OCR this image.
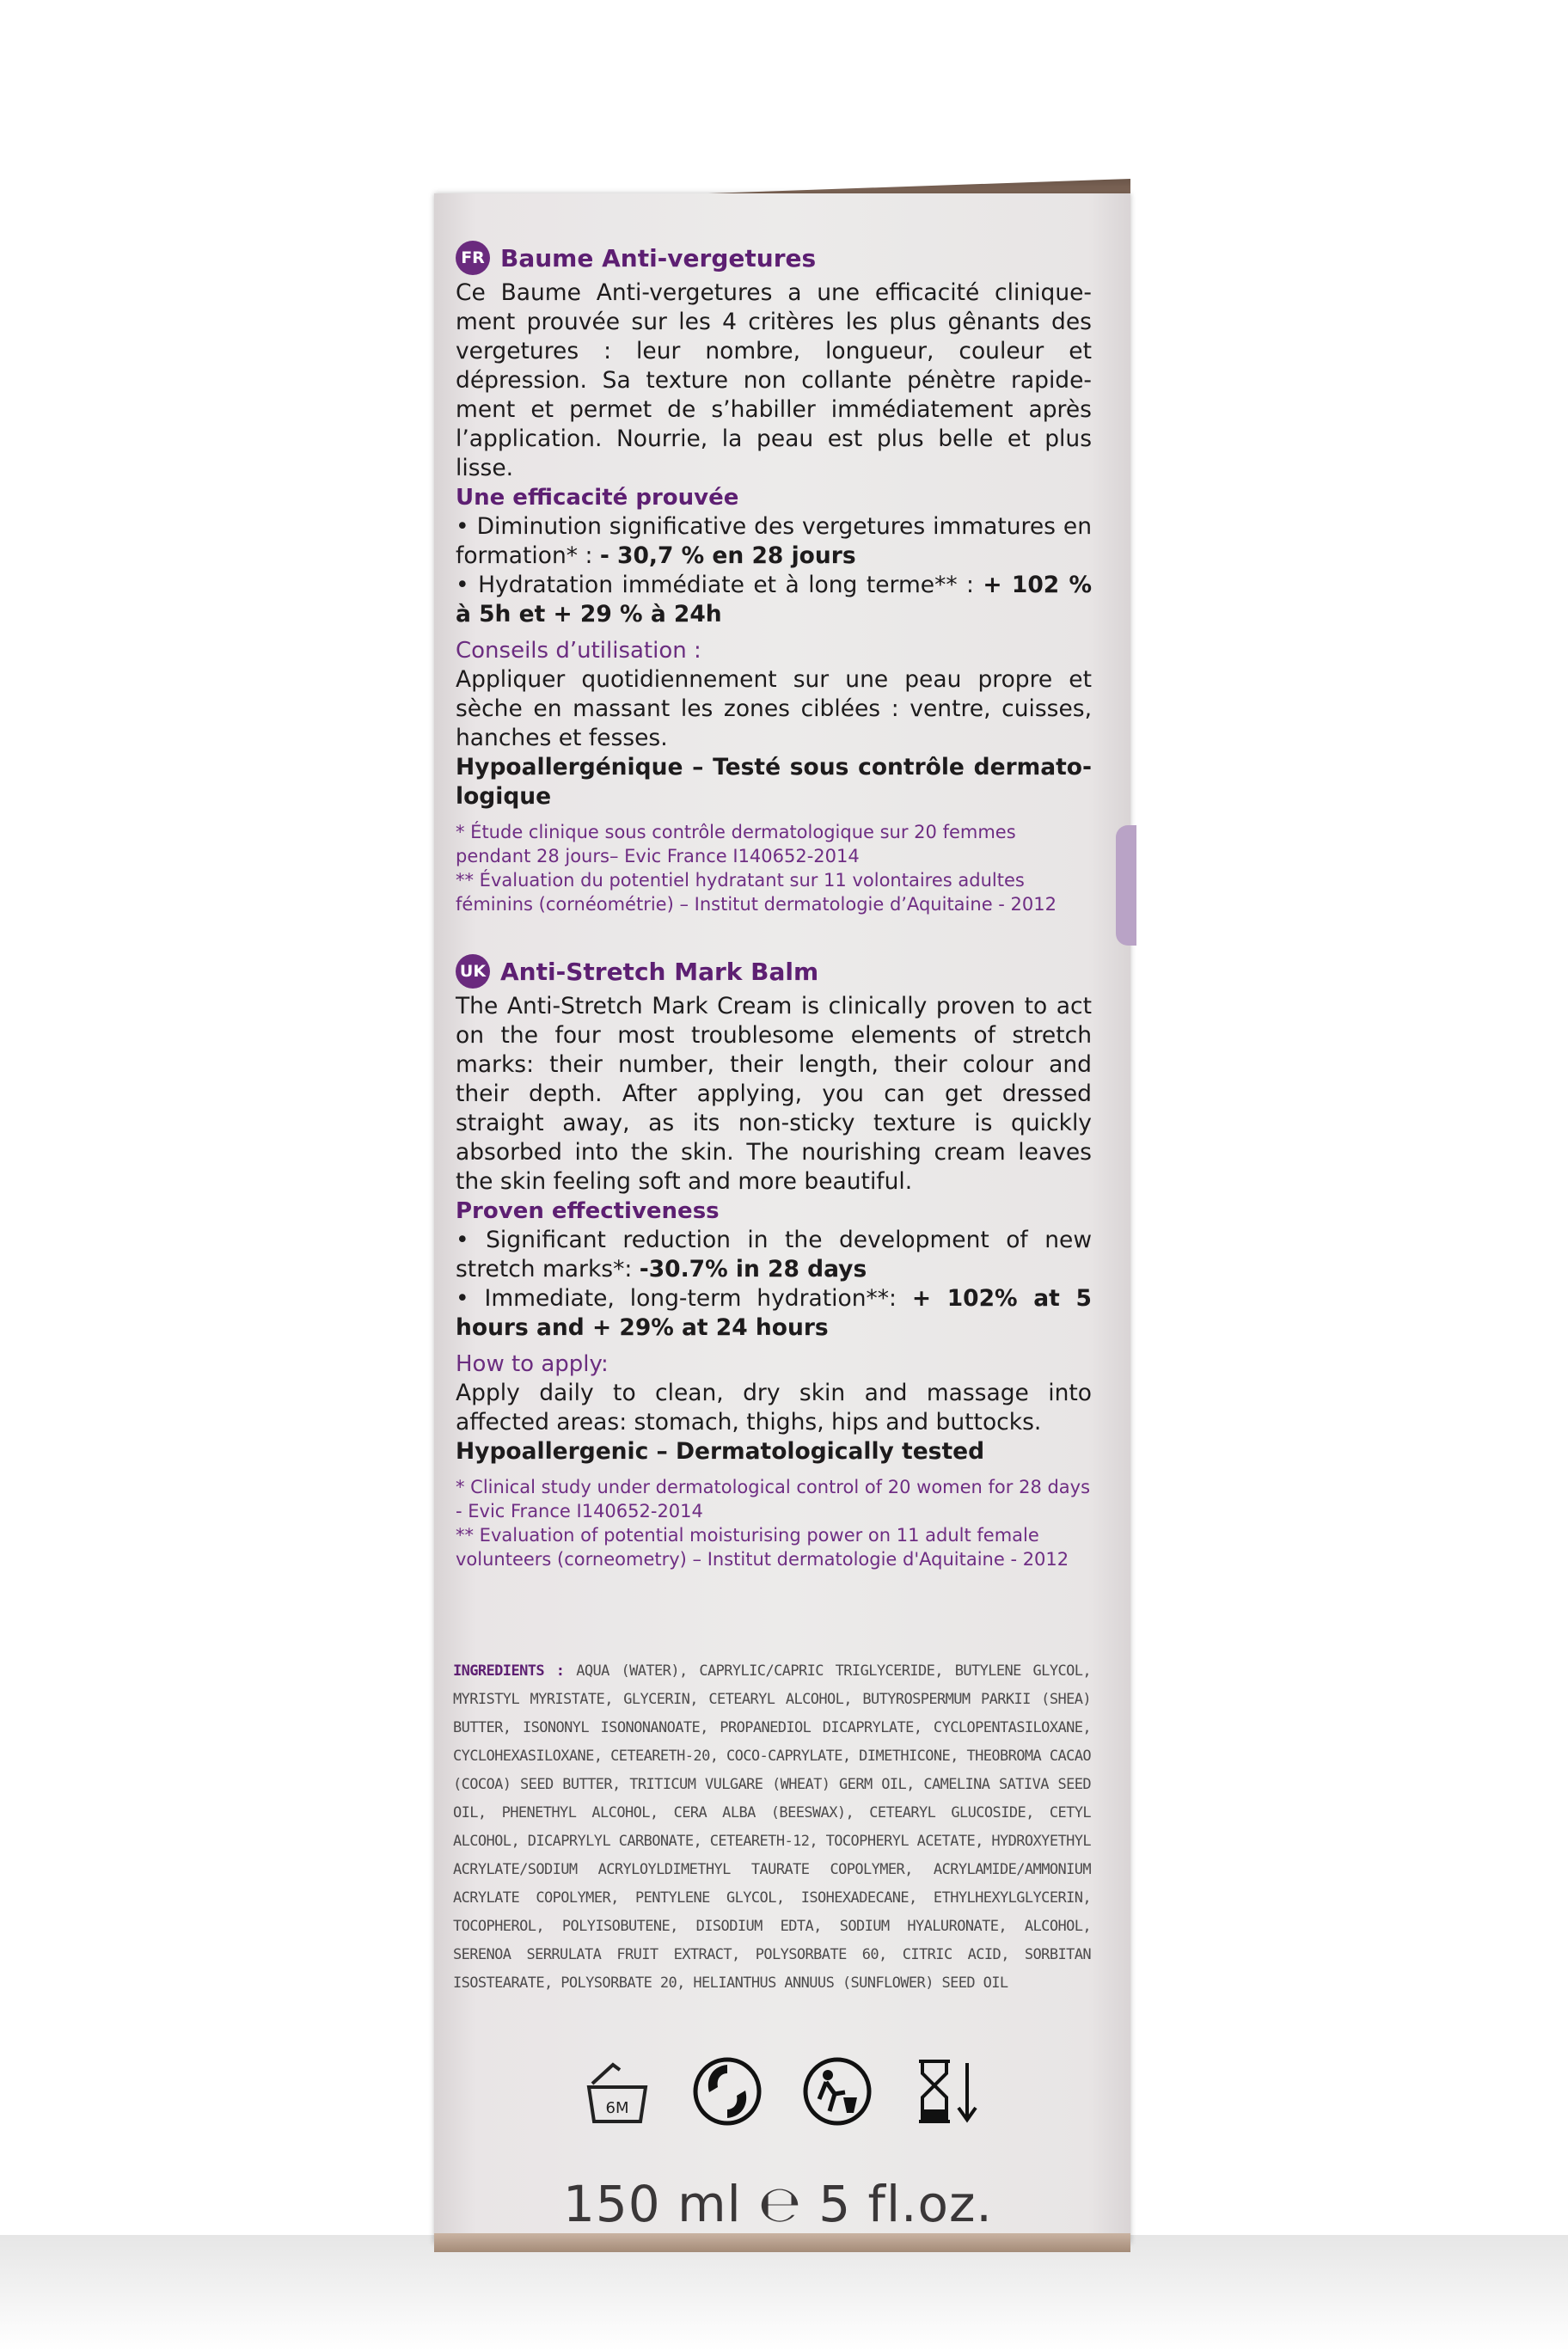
FR Baume Anti-vergetures

Ce Baume Anti-vergetures a une efficacité clinique-ment prouvée sur les 4 critères les plus gênants des vergetures : leur nombre, longueur, couleur et dépression. Sa texture non collante pénètre rapide-ment et permet de s’habiller immédiatement après l’application. Nourrie, la peau est plus belle et plus lisse.

Une efficacité prouvée
• Diminution significative des vergetures immatures en formation* : - 30,7 % en 28 jours
• Hydratation immédiate et à long terme** : + 102 % à 5h et + 29 % à 24h
Conseils d’utilisation :
Appliquer quotidiennement sur une peau propre et sèche en massant les zones ciblées : ventre, cuisses, hanches et fesses.
Hypoallergénique – Testé sous contrôle dermato-logique
* Étude clinique sous contrôle dermatologique sur 20 femmes pendant 28 jours– Evic France I140652-2014
** Évaluation du potentiel hydratant sur 11 volontaires adultes féminins (cornéométrie) – Institut dermatologie d’Aquitaine - 2012
UK Anti-Stretch Mark Balm

The Anti-Stretch Mark Cream is clinically proven to act on the four most troublesome elements of stretch marks: their number, their length, their colour and their depth. After applying, you can get dressed straight away, as its non-sticky texture is quickly absorbed into the skin. The nourishing cream leaves the skin feeling soft and more beautiful.

Proven effectiveness
• Significant reduction in the development of new stretch marks*: -30.7% in 28 days
• Immediate, long-term hydration**: + 102% at 5 hours and + 29% at 24 hours
How to apply:
Apply daily to clean, dry skin and massage into affected areas: stomach, thighs, hips and buttocks.
Hypoallergenic – Dermatologically tested
* Clinical study under dermatological control of 20 women for 28 days - Evic France I140652-2014
** Evaluation of potential moisturising power on 11 adult female volunteers (corneometry) – Institut dermatologie d'Aquitaine - 2012
INGREDIENTS : AQUA (WATER), CAPRYLIC/CAPRIC TRIGLYCERIDE, BUTYLENE GLYCOL, MYRISTYL MYRISTATE, GLYCERIN, CETEARYL ALCOHOL, BUTYROSPERMUM PARKII (SHEA) BUTTER, ISONONYL ISONONANOATE, PROPANEDIOL DICAPRYLATE, CYCLOPENTASILOXANE, CYCLOHEXASILOXANE, CETEARETH-20, COCO-CAPRYLATE, DIMETHICONE, THEOBROMA CACAO (COCOA) SEED BUTTER, TRITICUM VULGARE (WHEAT) GERM OIL, CAMELINA SATIVA SEED OIL, PHENETHYL ALCOHOL, CERA ALBA (BEESWAX), CETEARYL GLUCOSIDE, CETYL ALCOHOL, DICAPRYLYL CARBONATE, CETEARETH-12, TOCOPHERYL ACETATE, HYDROXYETHYL ACRYLATE/SODIUM ACRYLOYLDIMETHYL TAURATE COPOLYMER, ACRYLAMIDE/AMMONIUM ACRYLATE COPOLYMER, PENTYLENE GLYCOL, ISOHEXADECANE, ETHYLHEXYLGLYCERIN, TOCOPHEROL, POLYISOBUTENE, DISODIUM EDTA, SODIUM HYALURONATE, ALCOHOL, SERENOA SERRULATA FRUIT EXTRACT, POLYSORBATE 60, CITRIC ACID, SORBITAN ISOSTEARATE, POLYSORBATE 20, HELIANTHUS ANNUUS (SUNFLOWER) SEED OIL
6M
150 ml ℮ 5 fl.oz.
